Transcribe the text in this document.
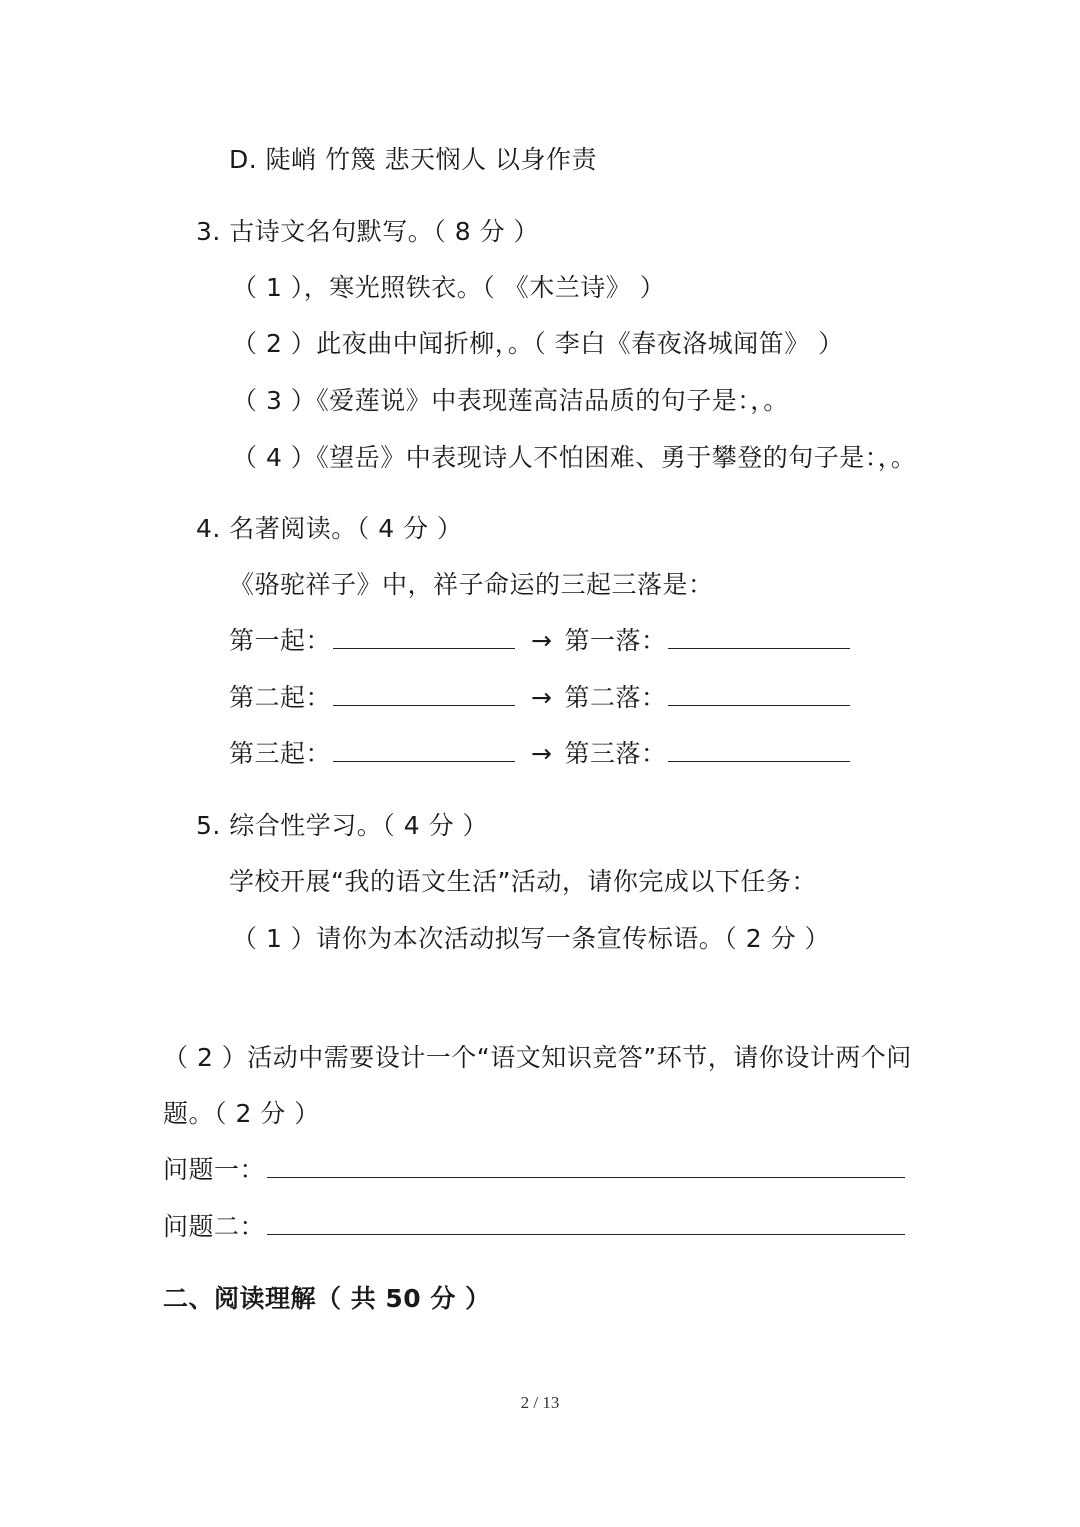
D. 陡峭 竹篾 悲天悯人 以身作责
3. 古诗文名句默写。（ 8 分 ）
（ 1 ），寒光照铁衣。（ 《木兰诗》 ）
（ 2 ）此夜曲中闻折柳，。（ 李白《春夜洛城闻笛》 ）
（ 3 ）《爱莲说》中表现莲高洁品质的句子是：，。
（ 4 ）《望岳》中表现诗人不怕困难、勇于攀登的句子是：，。
4. 名著阅读。（ 4 分 ）
《骆驼祥子》中，祥子命运的三起三落是：
第一起：	→ 第一落：
第二起：	→ 第二落：
第三起：	→ 第三落：
5. 综合性学习。（ 4 分 ）
学校开展“我的语文生活”活动，请你完成以下任务：
（ 1 ）请你为本次活动拟写一条宣传标语。（ 2 分 ）
（ 2 ）活动中需要设计一个“语文知识竞答”环节，请你设计两个问
题。（ 2 分 ）
问题一：
问题二：
二、阅读理解（ 共 50 分 ）
2 / 13
